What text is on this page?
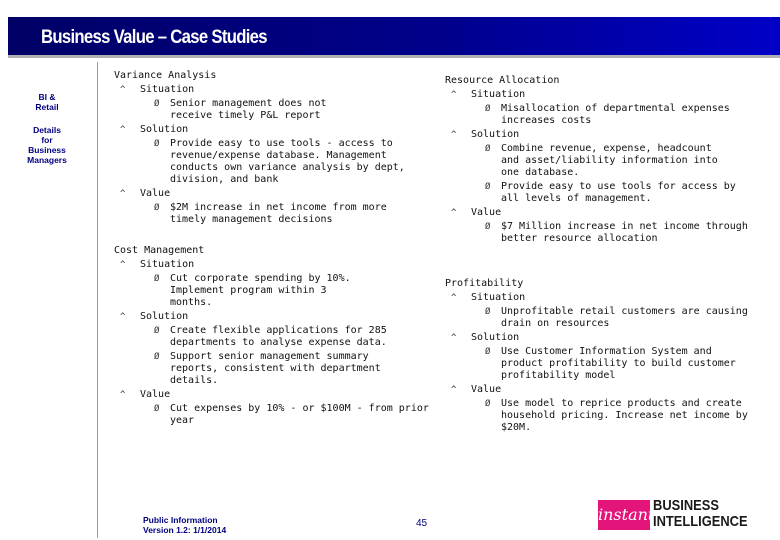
Business Value – Case Studies
BI &
Retail
Details
for
Business
Managers
Variance Analysis
^ Situation
Ø Senior management does not receive timely P&L report
^ Solution
Ø Provide easy to use tools - access to revenue/expense database. Management conducts own variance analysis by dept, division, and bank
^ Value
Ø $2M increase in net income from more timely management decisions
Cost Management
^ Situation
Ø Cut corporate spending by 10%. Implement program within 3 months.
^ Solution
Ø Create flexible applications for 285 departments to analyse expense data.
Ø Support senior management summary reports, consistent with department details.
^ Value
Ø Cut expenses by 10% - or $100M - from prior year
Resource Allocation
^ Situation
Ø Misallocation of departmental expenses increases costs
^ Solution
Ø Combine revenue, expense, headcount and asset/liability information into one database.
Ø Provide easy to use tools for access by all levels of management.
^ Value
Ø $7 Million increase in net income through better resource allocation
Profitability
^ Situation
Ø Unprofitable retail customers are causing drain on resources
^ Solution
Ø Use Customer Information System and product profitability to build customer profitability model
^ Value
Ø Use model to reprice products and create household pricing. Increase net income by $20M.
Public Information
Version 1.2: 1/1/2014
45	instant
BUSINESS
INTELLIGENCE
